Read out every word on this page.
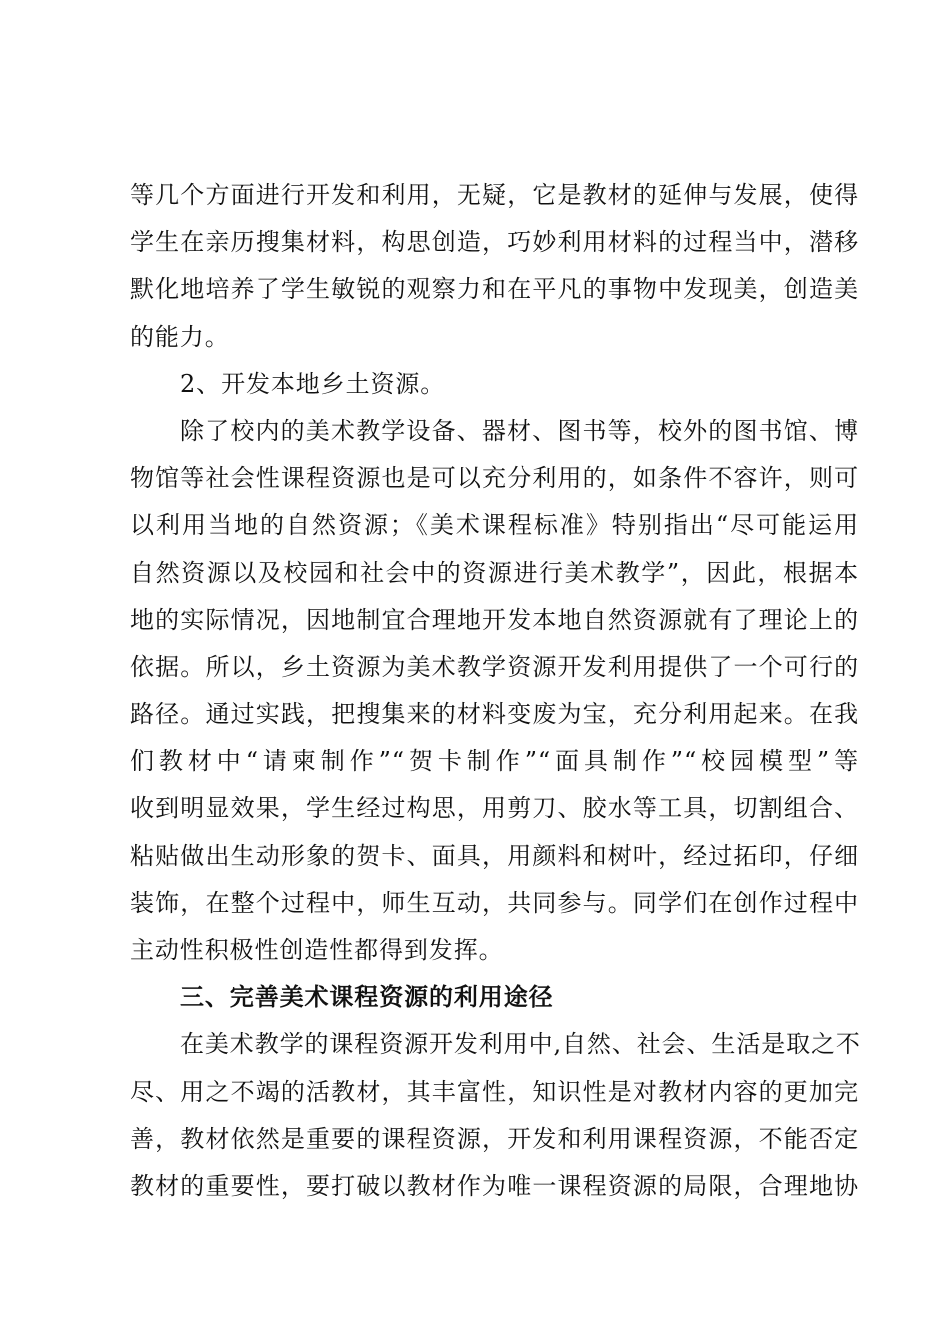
等几个方面进行开发和利用，无疑，它是教材的延伸与发展，使得
学生在亲历搜集材料，构思创造，巧妙利用材料的过程当中，潜移
默化地培养了学生敏锐的观察力和在平凡的事物中发现美，创造美
的能力。
2、开发本地乡土资源。
除了校内的美术教学设备、器材、图书等，校外的图书馆、博
物馆等社会性课程资源也是可以充分利用的，如条件不容许，则可
以利用当地的自然资源；《美术课程标准》特别指出“尽可能运用
自然资源以及校园和社会中的资源进行美术教学”，因此，根据本
地的实际情况，因地制宜合理地开发本地自然资源就有了理论上的
依据。所以，乡土资源为美术教学资源开发利用提供了一个可行的
路径。通过实践，把搜集来的材料变废为宝，充分利用起来。在我
们教材中“请柬制作”“贺卡制作”“面具制作”“校园模型”等
收到明显效果，学生经过构思，用剪刀、胶水等工具，切割组合、
粘贴做出生动形象的贺卡、面具，用颜料和树叶，经过拓印，仔细
装饰，在整个过程中，师生互动，共同参与。同学们在创作过程中
主动性积极性创造性都得到发挥。
三、完善美术课程资源的利用途径
在美术教学的课程资源开发利用中,自然、社会、生活是取之不
尽、用之不竭的活教材，其丰富性，知识性是对教材内容的更加完
善，教材依然是重要的课程资源，开发和利用课程资源，不能否定
教材的重要性，要打破以教材作为唯一课程资源的局限，合理地协
